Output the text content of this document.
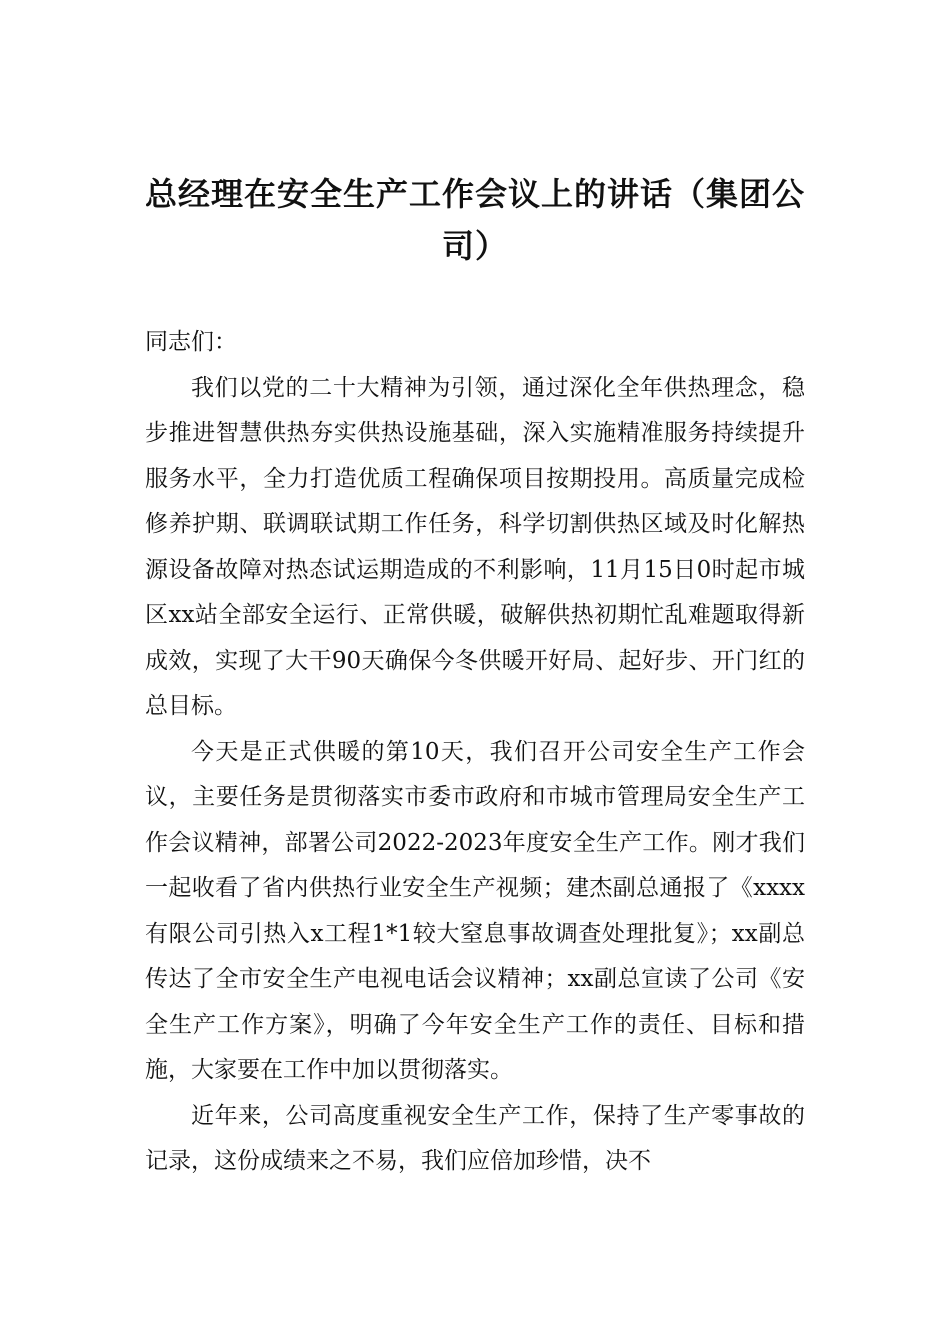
总经理在安全生产工作会议上的讲话（集团公司）

同志们：

我们以党的二十大精神为引领，通过深化全年供热理念，稳步推进智慧供热夯实供热设施基础，深入实施精准服务持续提升服务水平，全力打造优质工程确保项目按期投用。高质量完成检修养护期、联调联试期工作任务，科学切割供热区域及时化解热源设备故障对热态试运期造成的不利影响，11月15日0时起市城区xx站全部安全运行、正常供暖，破解供热初期忙乱难题取得新成效，实现了大干90天确保今冬供暖开好局、起好步、开门红的总目标。

今天是正式供暖的第10天，我们召开公司安全生产工作会议，主要任务是贯彻落实市委市政府和市城市管理局安全生产工作会议精神，部署公司2022-2023年度安全生产工作。刚才我们一起收看了省内供热行业安全生产视频；建杰副总通报了《xxxx有限公司引热入x工程1*1较大窒息事故调查处理批复》；xx副总传达了全市安全生产电视电话会议精神；xx副总宣读了公司《安全生产工作方案》，明确了今年安全生产工作的责任、目标和措施，大家要在工作中加以贯彻落实。

近年来，公司高度重视安全生产工作，保持了生产零事故的记录，这份成绩来之不易，我们应倍加珍惜，决不
